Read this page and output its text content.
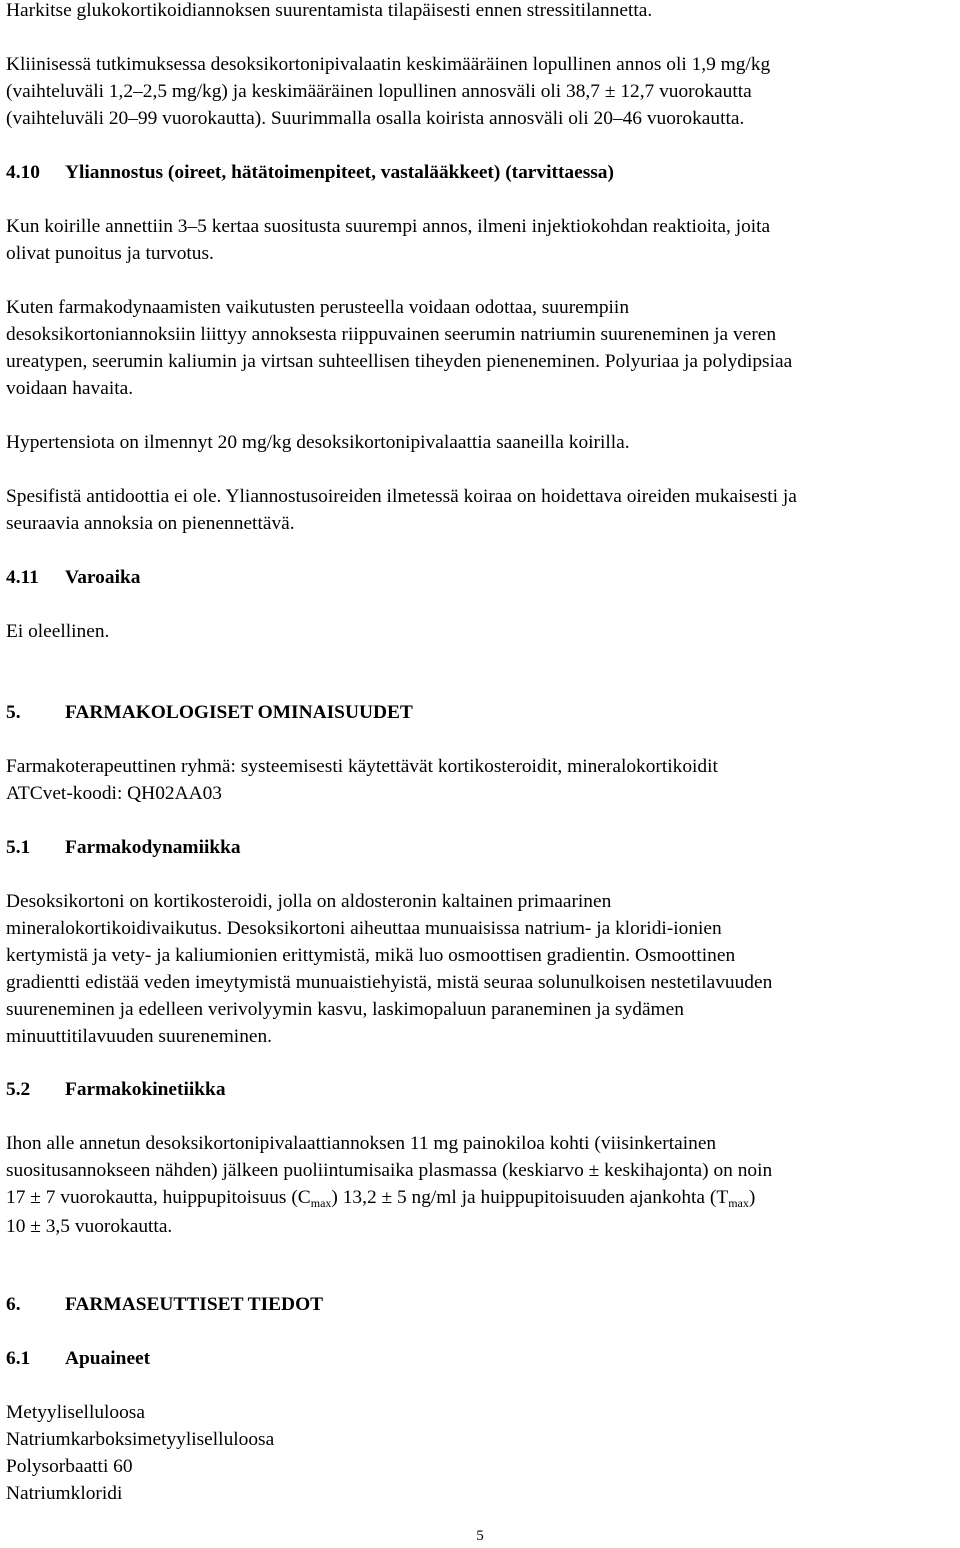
Harkitse glukokortikoidiannoksen suurentamista tilapäisesti ennen stressitilannetta.
Kliinisessä tutkimuksessa desoksikortonipivalaatin keskimääräinen lopullinen annos oli 1,9 mg/kg
(vaihteluväli 1,2–2,5 mg/kg) ja keskimääräinen lopullinen annosväli oli 38,7 ± 12,7 vuorokautta
(vaihteluväli 20–99 vuorokautta). Suurimmalla osalla koirista annosväli oli 20–46 vuorokautta.
4.10 Yliannostus (oireet, hätätoimenpiteet, vastalääkkeet) (tarvittaessa)
Kun koirille annettiin 3–5 kertaa suositusta suurempi annos, ilmeni injektiokohdan reaktioita, joita
olivat punoitus ja turvotus.
Kuten farmakodynaamisten vaikutusten perusteella voidaan odottaa, suurempiin
desoksikortoniannoksiin liittyy annoksesta riippuvainen seerumin natriumin suureneminen ja veren
ureatypen, seerumin kaliumin ja virtsan suhteellisen tiheyden pieneneminen. Polyuriaa ja polydipsiaa
voidaan havaita.
Hypertensiota on ilmennyt 20 mg/kg desoksikortonipivalaattia saaneilla koirilla.
Spesifistä antidoottia ei ole. Yliannostusoireiden ilmetessä koiraa on hoidettava oireiden mukaisesti ja
seuraavia annoksia on pienennettävä.
4.11 Varoaika
Ei oleellinen.
5. FARMAKOLOGISET OMINAISUUDET
Farmakoterapeuttinen ryhmä: systeemisesti käytettävät kortikosteroidit, mineralokortikoidit
ATCvet-koodi: QH02AA03
5.1 Farmakodynamiikka
Desoksikortoni on kortikosteroidi, jolla on aldosteronin kaltainen primaarinen
mineralokortikoidivaikutus. Desoksikortoni aiheuttaa munuaisissa natrium- ja kloridi-ionien
kertymistä ja vety- ja kaliumionien erittymistä, mikä luo osmoottisen gradientin. Osmoottinen
gradientti edistää veden imeytymistä munuaistiehyistä, mistä seuraa solunulkoisen nestetilavuuden
suureneminen ja edelleen verivolyymin kasvu, laskimopaluun paraneminen ja sydämen
minuuttitilavuuden suureneminen.
5.2 Farmakokinetiikka
Ihon alle annetun desoksikortonipivalaattiannoksen 11 mg painokiloa kohti (viisinkertainen
suositusannokseen nähden) jälkeen puoliintumisaika plasmassa (keskiarvo ± keskihajonta) on noin
17 ± 7 vuorokautta, huippupitoisuus $(C_{max}) 13,2 \pm 5$ ng/ml ja huippupitoisuuden ajankohta $(T_{max})$
10 ± 3,5 vuorokautta.
6. FARMASEUTTISET TIEDOT
6.1 Apuaineet
Metyyliselluloosa
Natriumkarboksimetyyliselluloosa
Polysorbaatti 60
Natriumkloridi
5
